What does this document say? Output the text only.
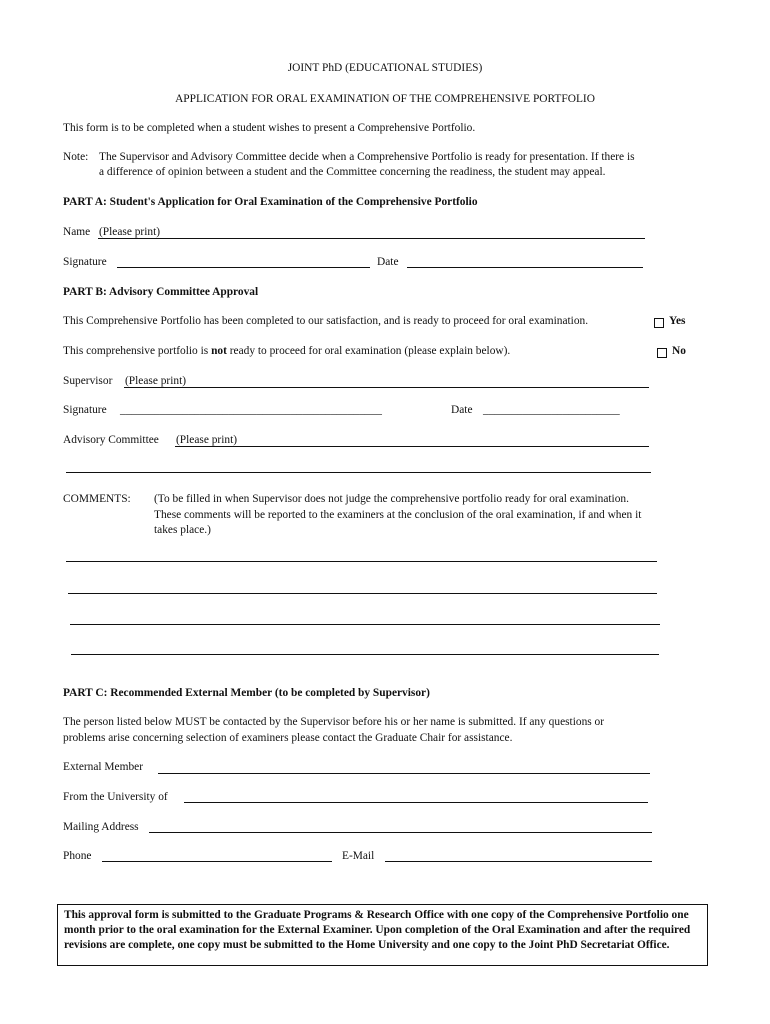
JOINT PhD (EDUCATIONAL STUDIES)
APPLICATION FOR ORAL EXAMINATION OF THE COMPREHENSIVE PORTFOLIO
This form is to be completed when a student wishes to present a Comprehensive Portfolio.
Note: The Supervisor and Advisory Committee decide when a Comprehensive Portfolio is ready for presentation. If there is
a difference of opinion between a student and the Committee concerning the readiness, the student may appeal.
PART A: Student's Application for Oral Examination of the Comprehensive Portfolio
Name (Please print)
Signature	Date
PART B: Advisory Committee Approval
This Comprehensive Portfolio has been completed to our satisfaction, and is ready to proceed for oral examination.	Yes
This comprehensive portfolio is not ready to proceed for oral examination (please explain below).	No
Supervisor (Please print)
Signature ______________________________________________	Date ________________________
Advisory Committee (Please print)
COMMENTS: (To be filled in when Supervisor does not judge the comprehensive portfolio ready for oral examination.
These comments will be reported to the examiners at the conclusion of the oral examination, if and when it
takes place.)
PART C: Recommended External Member (to be completed by Supervisor)
The person listed below MUST be contacted by the Supervisor before his or her name is submitted. If any questions or
problems arise concerning selection of examiners please contact the Graduate Chair for assistance.
External Member
From the University of
Mailing Address
Phone	E-Mail
This approval form is submitted to the Graduate Programs & Research Office with one copy of the Comprehensive Portfolio one month prior to the oral examination for the External Examiner. Upon completion of the Oral Examination and after the required revisions are complete, one copy must be submitted to the Home University and one copy to the Joint PhD Secretariat Office.
